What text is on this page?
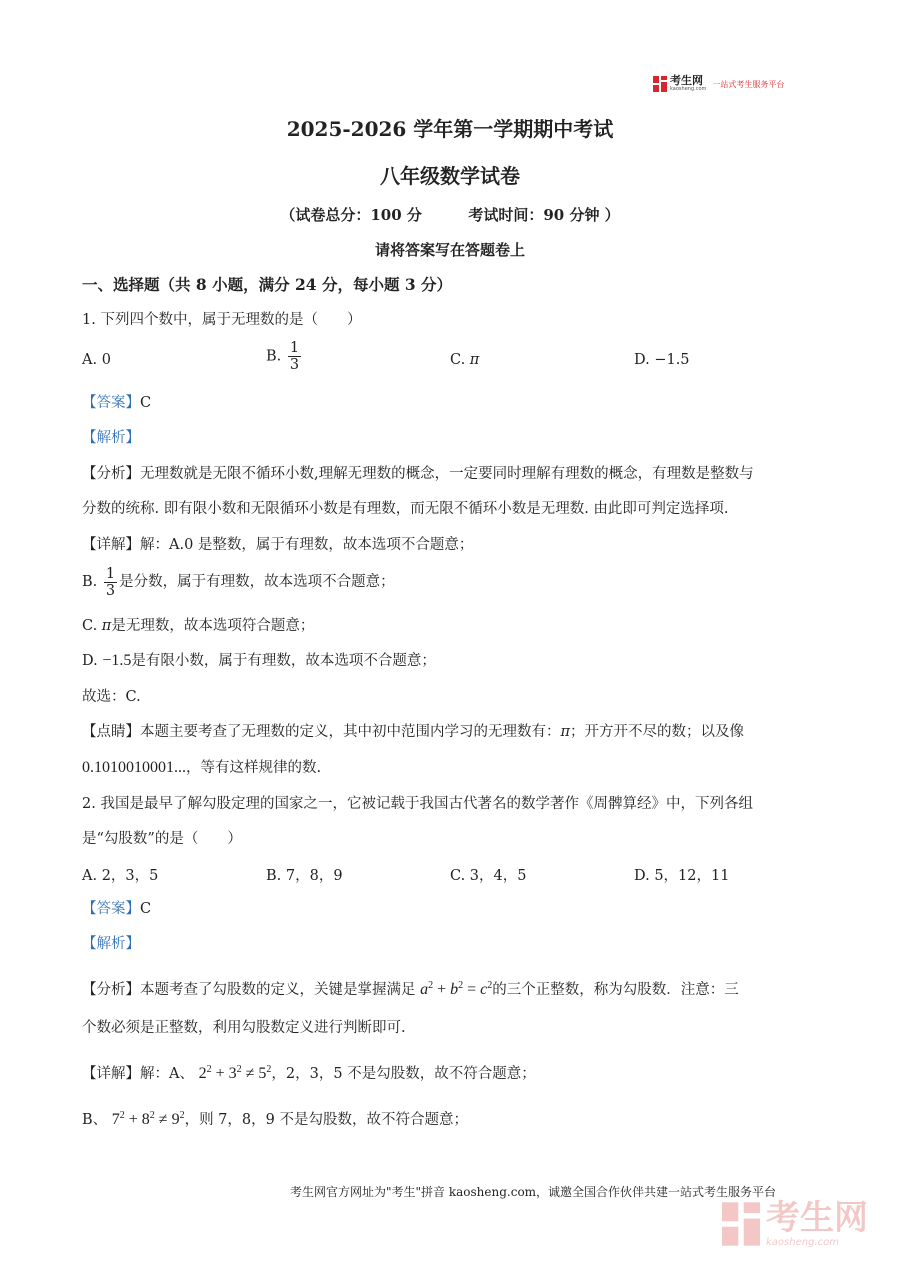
考生网
kaosheng.com
一站式考生服务平台
2025-2026 学年第一学期期中考试
八年级数学试卷
（试卷总分：100 分	考试时间：90 分钟 ）
请将答案写在答题卷上
一、选择题（共 8 小题，满分 24 分，每小题 3 分）
1. 下列四个数中，属于无理数的是（　　）
A. 0	B. $\frac{1}{3}$	C. π	D. −1.5
【答案】C
【解析】
【分析】无理数就是无限不循环小数,理解无理数的概念，一定要同时理解有理数的概念，有理数是整数与
分数的统称. 即有限小数和无限循环小数是有理数，而无限不循环小数是无理数. 由此即可判定选择项.
【详解】解：A.0 是整数，属于有理数，故本选项不合题意；
B. $\frac{1}{3}$ 是分数，属于有理数，故本选项不合题意；
C. π是无理数，故本选项符合题意；
D. −1.5是有限小数，属于有理数，故本选项不合题意；
故选：C.
【点睛】本题主要考查了无理数的定义，其中初中范围内学习的无理数有：π；开方开不尽的数；以及像
0.1010010001...，等有这样规律的数.
2. 我国是最早了解勾股定理的国家之一，它被记载于我国古代著名的数学著作《周髀算经》中，下列各组
是“勾股数”的是（　　）
A. 2，3，5	B. 7，8，9	C. 3，4，5	D. 5，12，11
【答案】C
【解析】
【分析】本题考查了勾股数的定义，关键是掌握满足 $a^2 + b^2 = c^2$的三个正整数，称为勾股数．注意：三
个数必须是正整数，利用勾股数定义进行判断即可.
【详解】解：A、 $2^2 + 3^2 \ne 5^2$，2，3，5 不是勾股数，故不符合题意；
B、 $7^2 + 8^2 \ne 9^2$，则 7，8，9 不是勾股数，故不符合题意；
考生网官方网址为"考生"拼音 kaosheng.com，诚邀全国合作伙伴共建一站式考生服务平台
考生网
kaosheng.com
